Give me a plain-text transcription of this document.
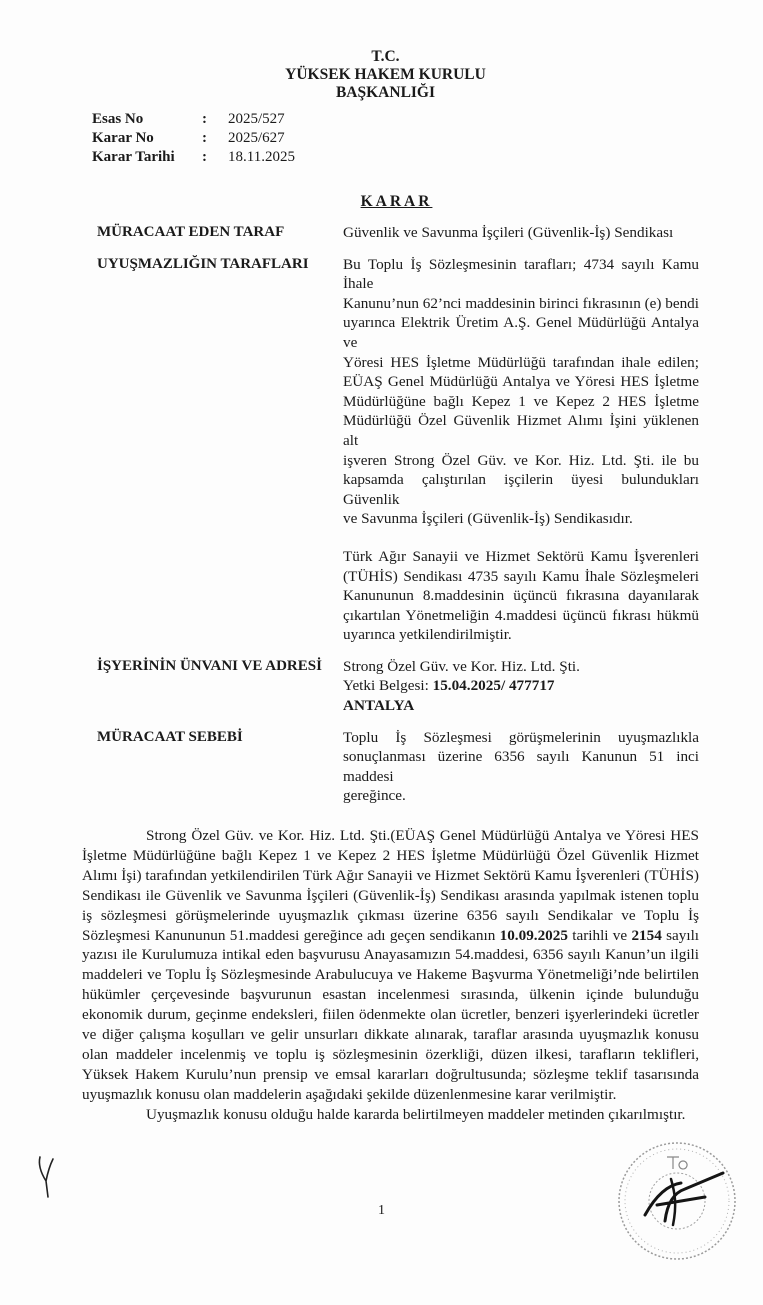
T.C.
YÜKSEK HAKEM KURULU
BAŞKANLIĞI
Esas No	:	2025/527
Karar No	:	2025/627
Karar Tarihi	:	18.11.2025
KARAR
MÜRACAAT EDEN TARAF	Güvenlik ve Savunma İşçileri (Güvenlik-İş) Sendikası
UYUŞMAZLIĞIN TARAFLARI	Bu Toplu İş Sözleşmesinin tarafları; 4734 sayılı Kamu İhale
Kanunu’nun 62’nci maddesinin birinci fıkrasının (e) bendi
uyarınca Elektrik Üretim A.Ş. Genel Müdürlüğü Antalya ve
Yöresi HES İşletme Müdürlüğü tarafından ihale edilen;
EÜAŞ Genel Müdürlüğü Antalya ve Yöresi HES İşletme
Müdürlüğüne bağlı Kepez 1 ve Kepez 2 HES İşletme
Müdürlüğü Özel Güvenlik Hizmet Alımı İşini yüklenen alt
işveren Strong Özel Güv. ve Kor. Hiz. Ltd. Şti. ile bu
kapsamda çalıştırılan işçilerin üyesi bulundukları Güvenlik
ve Savunma İşçileri (Güvenlik-İş) Sendikasıdır.
Türk Ağır Sanayii ve Hizmet Sektörü Kamu İşverenleri
(TÜHİS) Sendikası 4735 sayılı Kamu İhale Sözleşmeleri
Kanununun 8.maddesinin üçüncü fıkrasına dayanılarak
çıkartılan Yönetmeliğin 4.maddesi üçüncü fıkrası hükmü
uyarınca yetkilendirilmiştir.
İŞYERİNİN ÜNVANI VE ADRESİ	Strong Özel Güv. ve Kor. Hiz. Ltd. Şti.
Yetki Belgesi: 15.04.2025/ 477717
ANTALYA
MÜRACAAT SEBEBİ	Toplu İş Sözleşmesi görüşmelerinin uyuşmazlıkla
sonuçlanması üzerine 6356 sayılı Kanunun 51 inci maddesi
gereğince.
Strong Özel Güv. ve Kor. Hiz. Ltd. Şti.(EÜAŞ Genel Müdürlüğü Antalya ve Yöresi HES
İşletme Müdürlüğüne bağlı Kepez 1 ve Kepez 2 HES İşletme Müdürlüğü Özel Güvenlik Hizmet
Alımı İşi) tarafından yetkilendirilen Türk Ağır Sanayii ve Hizmet Sektörü Kamu İşverenleri (TÜHİS)
Sendikası ile Güvenlik ve Savunma İşçileri (Güvenlik-İş) Sendikası arasında yapılmak istenen toplu
iş sözleşmesi görüşmelerinde uyuşmazlık çıkması üzerine 6356 sayılı Sendikalar ve Toplu İş
Sözleşmesi Kanununun 51.maddesi gereğince adı geçen sendikanın 10.09.2025 tarihli ve 2154 sayılı
yazısı ile Kurulumuza intikal eden başvurusu Anayasamızın 54.maddesi, 6356 sayılı Kanun’un ilgili
maddeleri ve Toplu İş Sözleşmesinde Arabulucuya ve Hakeme Başvurma Yönetmeliği’nde belirtilen
hükümler çerçevesinde başvurunun esastan incelenmesi sırasında, ülkenin içinde bulunduğu
ekonomik durum, geçinme endeksleri, fiilen ödenmekte olan ücretler, benzeri işyerlerindeki ücretler
ve diğer çalışma koşulları ve gelir unsurları dikkate alınarak, taraflar arasında uyuşmazlık konusu
olan maddeler incelenmiş ve toplu iş sözleşmesinin özerkliği, düzen ilkesi, tarafların teklifleri,
Yüksek Hakem Kurulu’nun prensip ve emsal kararları doğrultusunda; sözleşme teklif tasarısında
uyuşmazlık konusu olan maddelerin aşağıdaki şekilde düzenlenmesine karar verilmiştir.
Uyuşmazlık konusu olduğu halde kararda belirtilmeyen maddeler metinden çıkarılmıştır.
1
